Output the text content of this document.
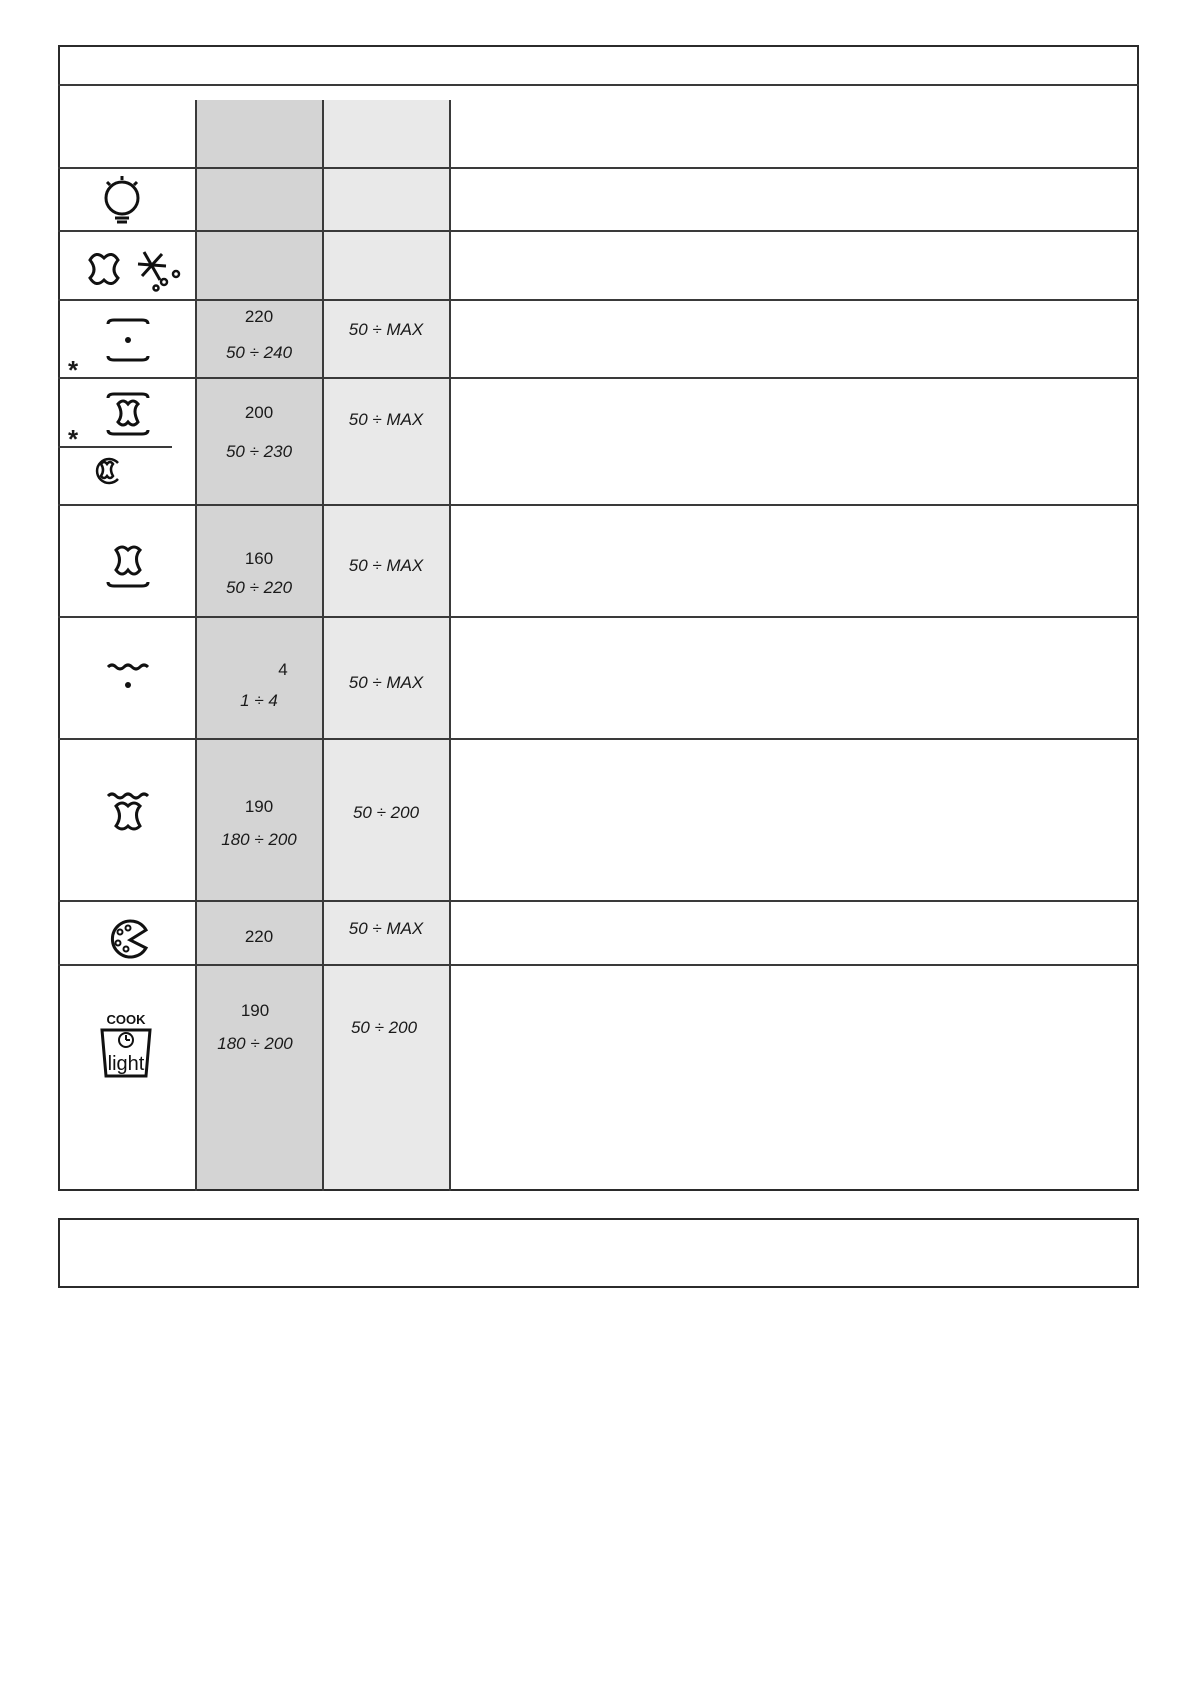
*
220
50 ÷ 240
50 ÷ MAX
*
200
50 ÷ 230
50 ÷ MAX
160
50 ÷ 220
50 ÷ MAX
4
1 ÷ 4
50 ÷ MAX
190
180 ÷ 200
50 ÷ 200
220	50 ÷ MAX
COOK
light
190
180 ÷ 200
50 ÷ 200
